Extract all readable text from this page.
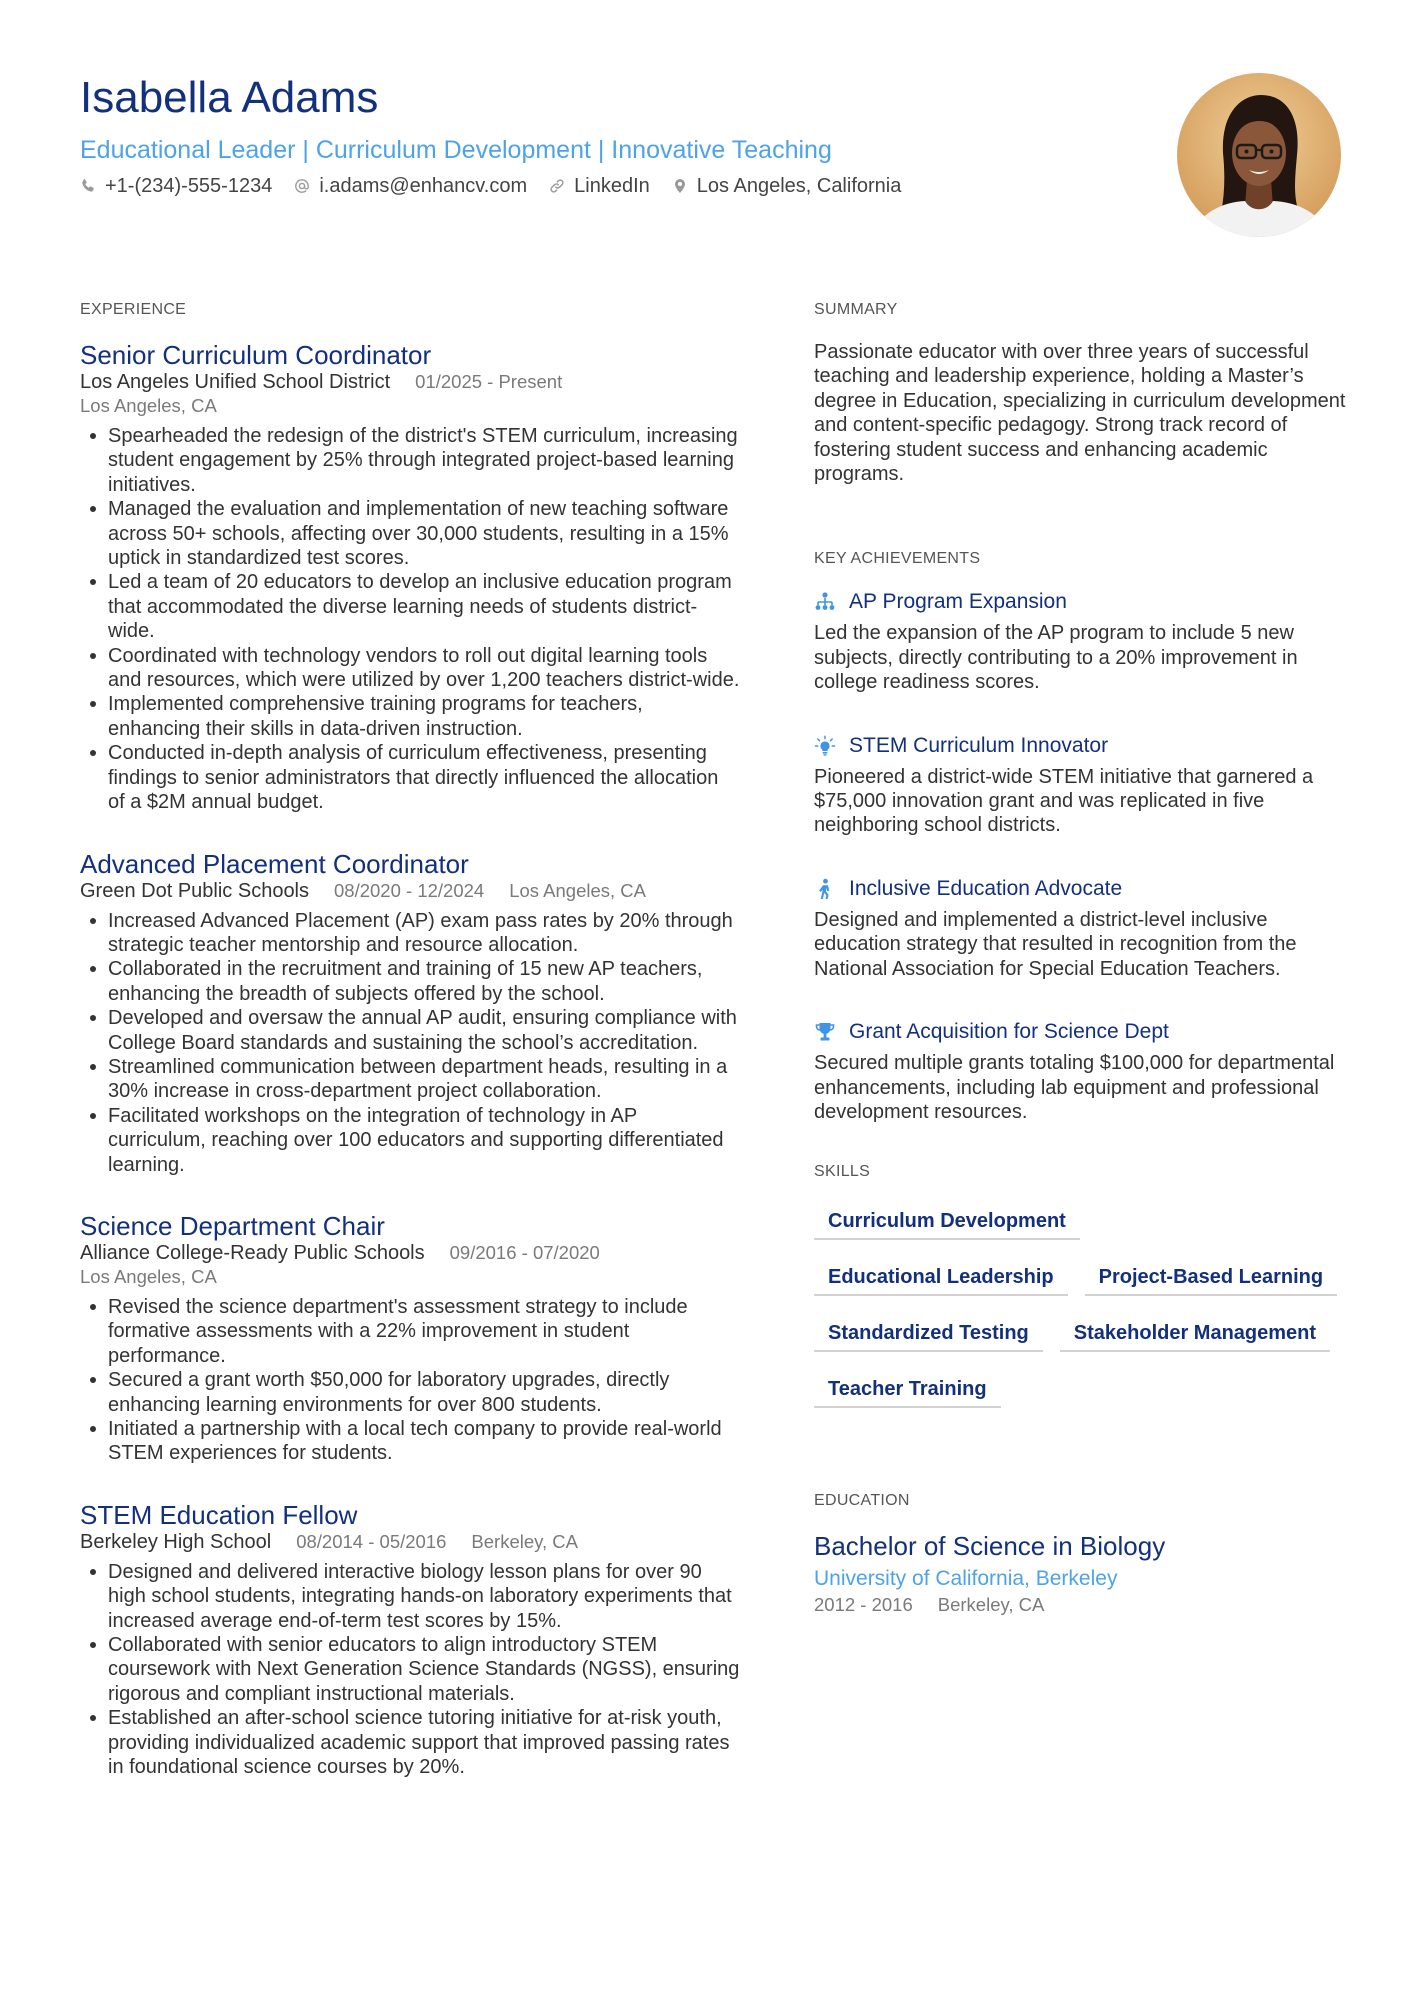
Isabella Adams
Educational Leader | Curriculum Development | Innovative Teaching
+1-(234)-555-1234 i.adams@enhancv.com LinkedIn Los Angeles, California
EXPERIENCE
Senior Curriculum Coordinator
Los Angeles Unified School District 01/2025 - Present
Los Angeles, CA
Spearheaded the redesign of the district's STEM curriculum, increasing student engagement by 25% through integrated project-based learning initiatives.
Managed the evaluation and implementation of new teaching software across 50+ schools, affecting over 30,000 students, resulting in a 15% uptick in standardized test scores.
Led a team of 20 educators to develop an inclusive education program that accommodated the diverse learning needs of students district-wide.
Coordinated with technology vendors to roll out digital learning tools and resources, which were utilized by over 1,200 teachers district-wide.
Implemented comprehensive training programs for teachers, enhancing their skills in data-driven instruction.
Conducted in-depth analysis of curriculum effectiveness, presenting findings to senior administrators that directly influenced the allocation of a $2M annual budget.
Advanced Placement Coordinator
Green Dot Public Schools 08/2020 - 12/2024 Los Angeles, CA
Increased Advanced Placement (AP) exam pass rates by 20% through strategic teacher mentorship and resource allocation.
Collaborated in the recruitment and training of 15 new AP teachers, enhancing the breadth of subjects offered by the school.
Developed and oversaw the annual AP audit, ensuring compliance with College Board standards and sustaining the school’s accreditation.
Streamlined communication between department heads, resulting in a 30% increase in cross-department project collaboration.
Facilitated workshops on the integration of technology in AP curriculum, reaching over 100 educators and supporting differentiated learning.
Science Department Chair
Alliance College-Ready Public Schools 09/2016 - 07/2020
Los Angeles, CA
Revised the science department's assessment strategy to include formative assessments with a 22% improvement in student performance.
Secured a grant worth $50,000 for laboratory upgrades, directly enhancing learning environments for over 800 students.
Initiated a partnership with a local tech company to provide real-world STEM experiences for students.
STEM Education Fellow
Berkeley High School 08/2014 - 05/2016 Berkeley, CA
Designed and delivered interactive biology lesson plans for over 90 high school students, integrating hands-on laboratory experiments that increased average end-of-term test scores by 15%.
Collaborated with senior educators to align introductory STEM coursework with Next Generation Science Standards (NGSS), ensuring rigorous and compliant instructional materials.
Established an after-school science tutoring initiative for at-risk youth, providing individualized academic support that improved passing rates in foundational science courses by 20%.
SUMMARY
Passionate educator with over three years of successful teaching and leadership experience, holding a Master’s degree in Education, specializing in curriculum development and content-specific pedagogy. Strong track record of fostering student success and enhancing academic programs.
KEY ACHIEVEMENTS
AP Program Expansion
Led the expansion of the AP program to include 5 new subjects, directly contributing to a 20% improvement in college readiness scores.
STEM Curriculum Innovator
Pioneered a district-wide STEM initiative that garnered a $75,000 innovation grant and was replicated in five neighboring school districts.
Inclusive Education Advocate
Designed and implemented a district-level inclusive education strategy that resulted in recognition from the National Association for Special Education Teachers.
Grant Acquisition for Science Dept
Secured multiple grants totaling $100,000 for departmental enhancements, including lab equipment and professional development resources.
SKILLS
Curriculum Development
Educational Leadership	Project-Based Learning
Standardized Testing	Stakeholder Management
Teacher Training
EDUCATION
Bachelor of Science in Biology
University of California, Berkeley
2012 - 2016 Berkeley, CA
